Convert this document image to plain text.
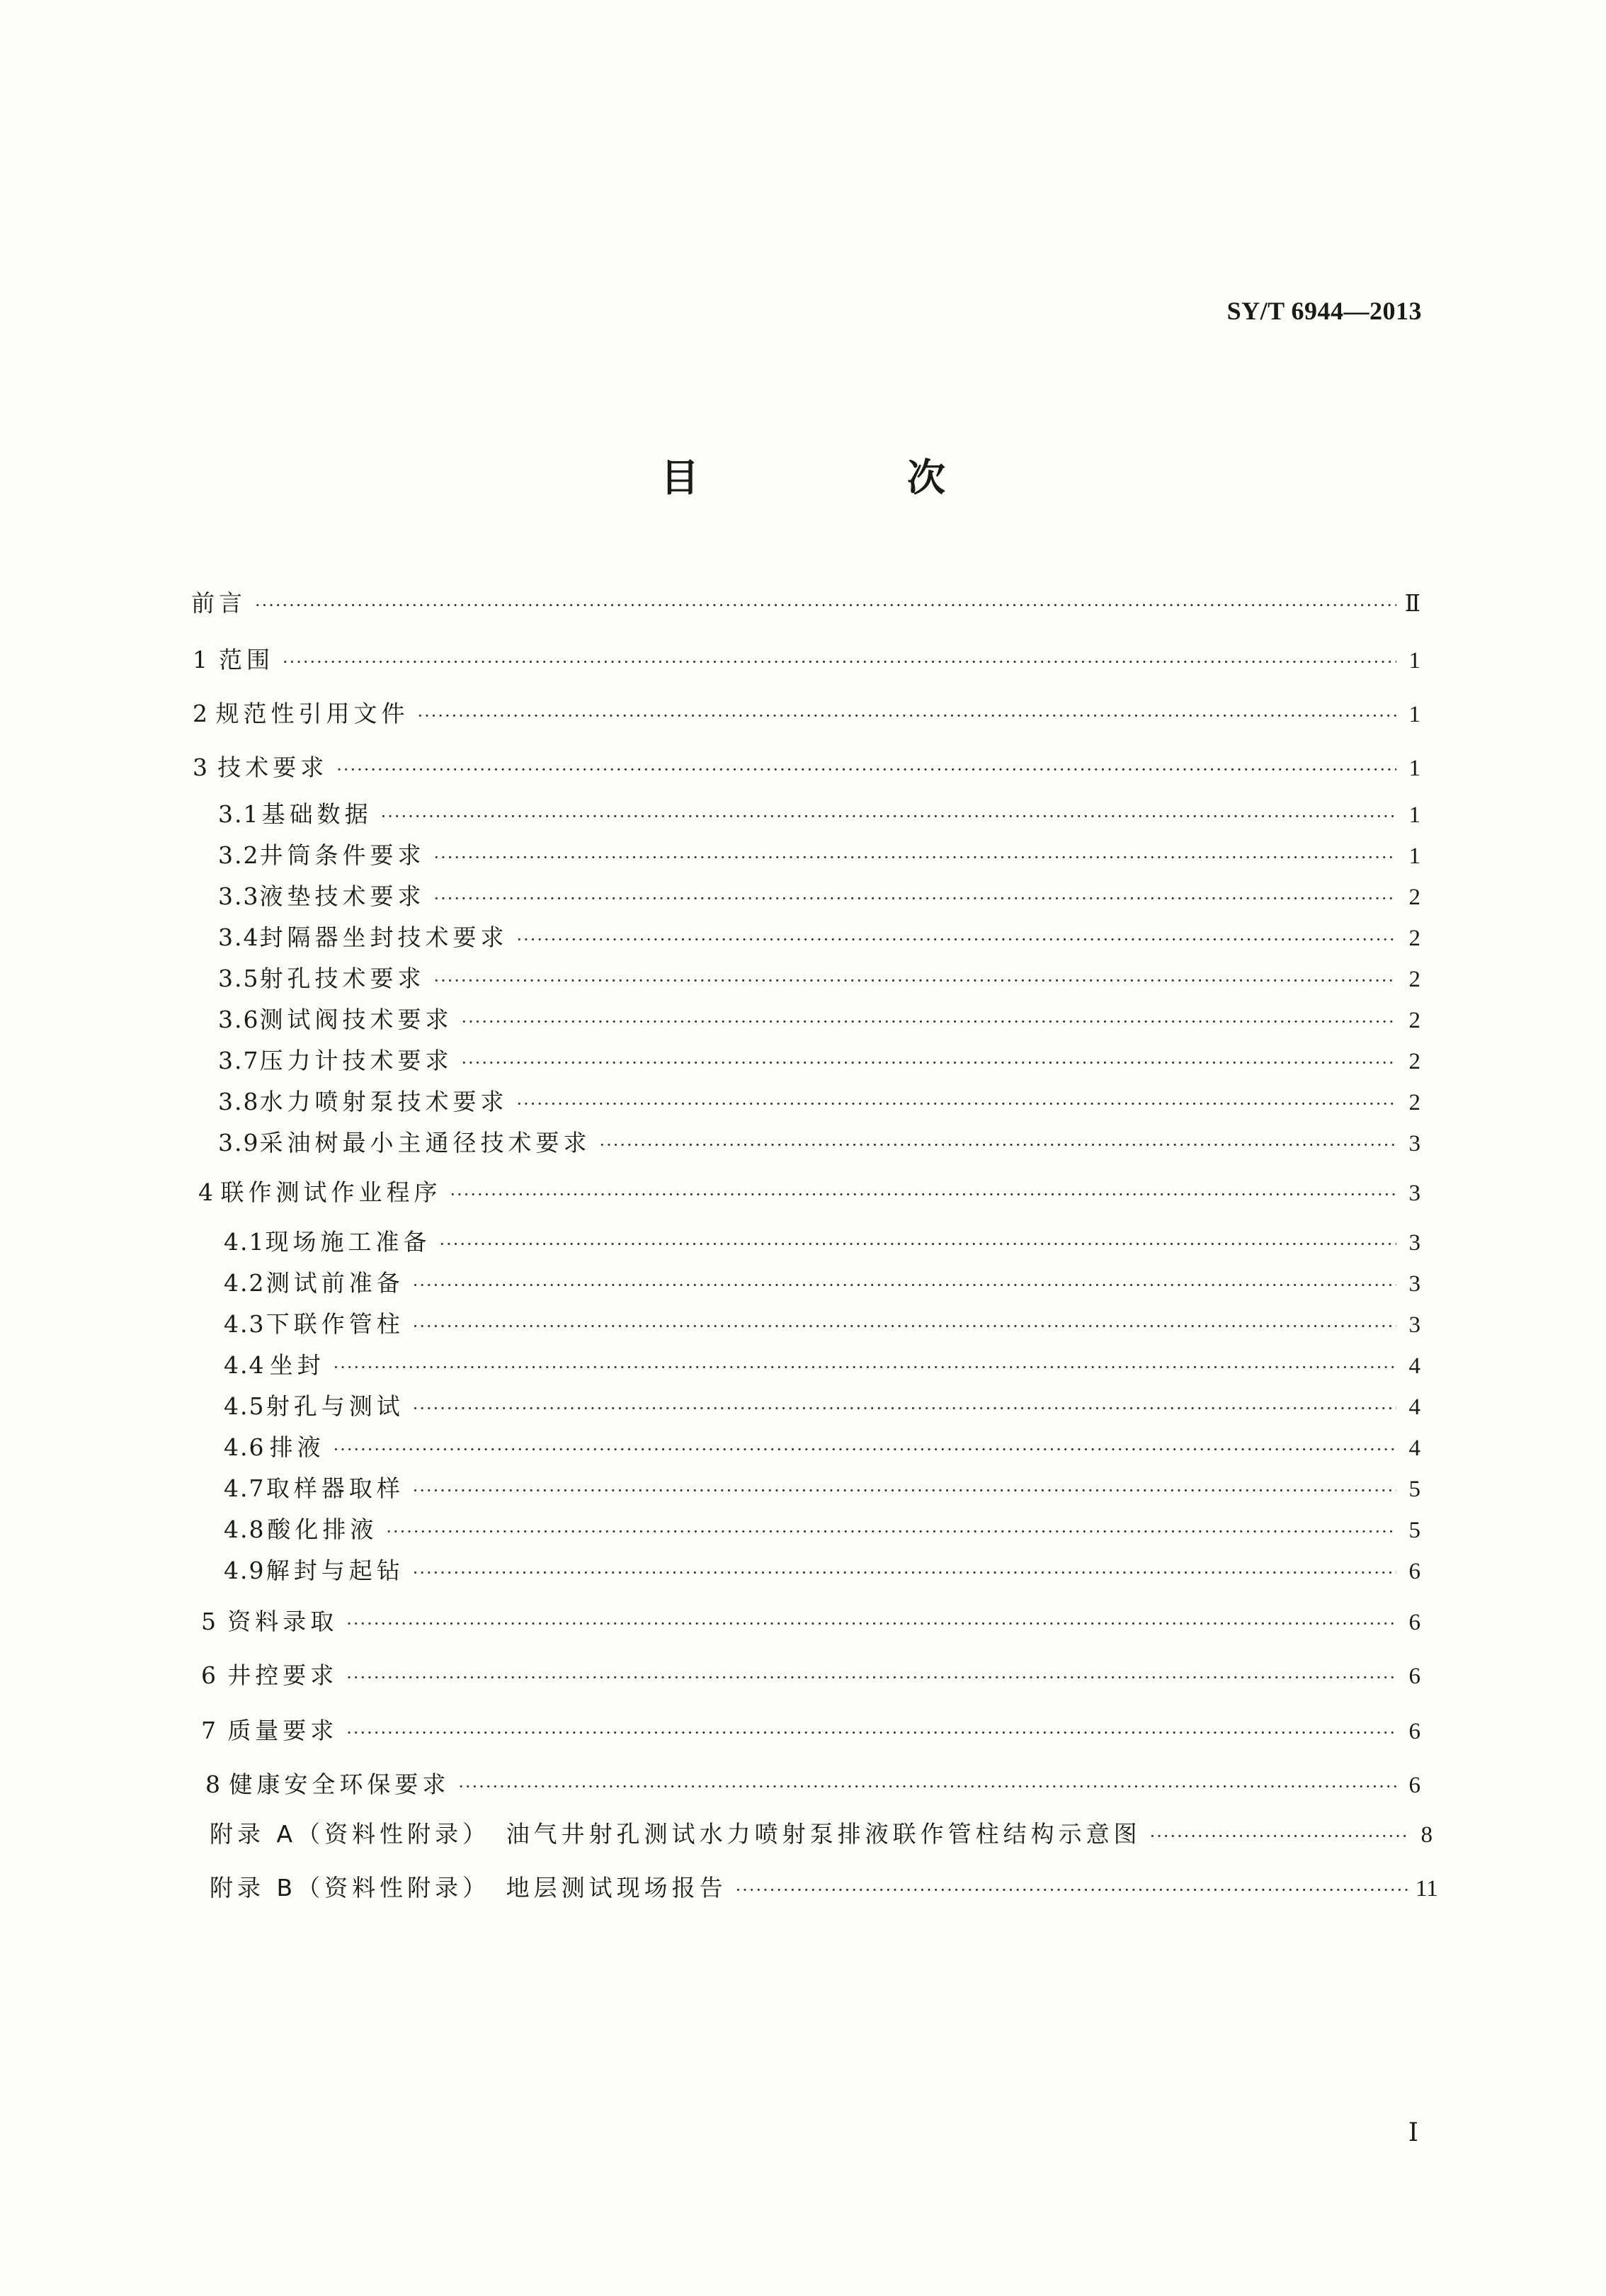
SY/T 6944—2013
目　次
前言 ·····	Ⅱ
1 范围 ·····	1
2 规范性引用文件 ·····	1
3 技术要求 ·····	1
3.1 基础数据 ·····	1
3.2 井筒条件要求 ·····	1
3.3 液垫技术要求 ·····	2
3.4 封隔器坐封技术要求 ·····	2
3.5 射孔技术要求 ·····	2
3.6 测试阀技术要求 ·····	2
3.7 压力计技术要求 ·····	2
3.8 水力喷射泵技术要求 ·····	2
3.9 采油树最小主通径技术要求 ·····	3
4 联作测试作业程序 ·····	3
4.1 现场施工准备 ·····	3
4.2 测试前准备 ·····	3
4.3 下联作管柱 ·····	3
4.4 坐封 ·····	4
4.5 射孔与测试 ·····	4
4.6 排液 ·····	4
4.7 取样器取样 ·····	5
4.8 酸化排液 ·····	5
4.9 解封与起钻 ·····	6
5 资料录取 ·····	6
6 井控要求 ·····	6
7 质量要求 ·····	6
8 健康安全环保要求 ·····	6
附录 A（资料性附录）　油气井射孔测试水力喷射泵排液联作管柱结构示意图 ·····	8
附录 B（资料性附录）　地层测试现场报告 ·····	11
Ⅰ
